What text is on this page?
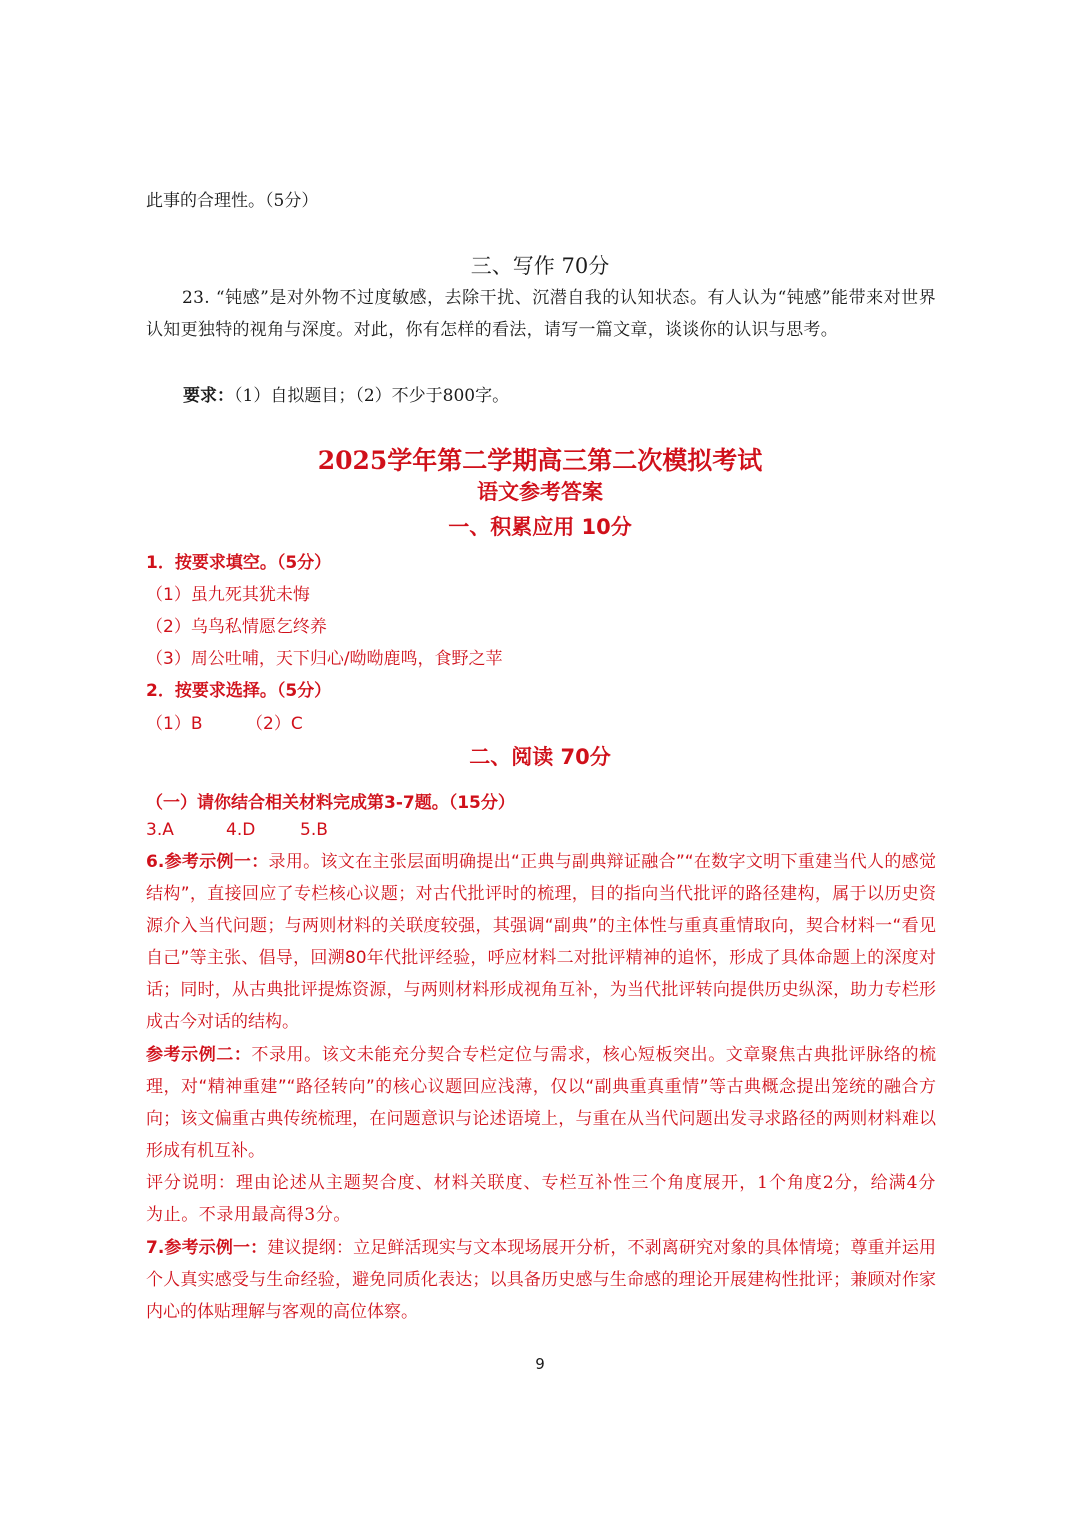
此事的合理性。（5分）
三、写作 70分
23. “钝感”是对外物不过度敏感，去除干扰、沉潜自我的认知状态。有人认为“钝感”能带来对世界认知更独特的视角与深度。对此，你有怎样的看法，请写一篇文章，谈谈你的认识与思考。
要求：（1）自拟题目；（2）不少于800字。
2025学年第二学期高三第二次模拟考试
语文参考答案
一、积累应用 10分
1．按要求填空。（5分）
（1）虽九死其犹未悔
（2）乌鸟私情愿乞终养
（3）周公吐哺，天下归心/呦呦鹿鸣，食野之苹
2．按要求选择。（5分）
（1）B	（2）C
二、阅读 70分
（一）请你结合相关材料完成第3-7题。（15分）
3.A	4.D	5.B
6.参考示例一：录用。该文在主张层面明确提出“正典与副典辩证融合”“在数字文明下重建当代人的感觉结构”，直接回应了专栏核心议题；对古代批评时的梳理，目的指向当代批评的路径建构，属于以历史资源介入当代问题；与两则材料的关联度较强，其强调“副典”的主体性与重真重情取向，契合材料一“看见自己”等主张、倡导，回溯80年代批评经验，呼应材料二对批评精神的追怀，形成了具体命题上的深度对话；同时，从古典批评提炼资源，与两则材料形成视角互补，为当代批评转向提供历史纵深，助力专栏形成古今对话的结构。
参考示例二：不录用。该文未能充分契合专栏定位与需求，核心短板突出。文章聚焦古典批评脉络的梳理，对“精神重建”“路径转向”的核心议题回应浅薄，仅以“副典重真重情”等古典概念提出笼统的融合方向；该文偏重古典传统梳理，在问题意识与论述语境上，与重在从当代问题出发寻求路径的两则材料难以形成有机互补。
评分说明：理由论述从主题契合度、材料关联度、专栏互补性三个角度展开，1个角度2分，给满4分为止。不录用最高得3分。
7.参考示例一：建议提纲：立足鲜活现实与文本现场展开分析，不剥离研究对象的具体情境；尊重并运用个人真实感受与生命经验，避免同质化表达；以具备历史感与生命感的理论开展建构性批评；兼顾对作家内心的体贴理解与客观的高位体察。
9
